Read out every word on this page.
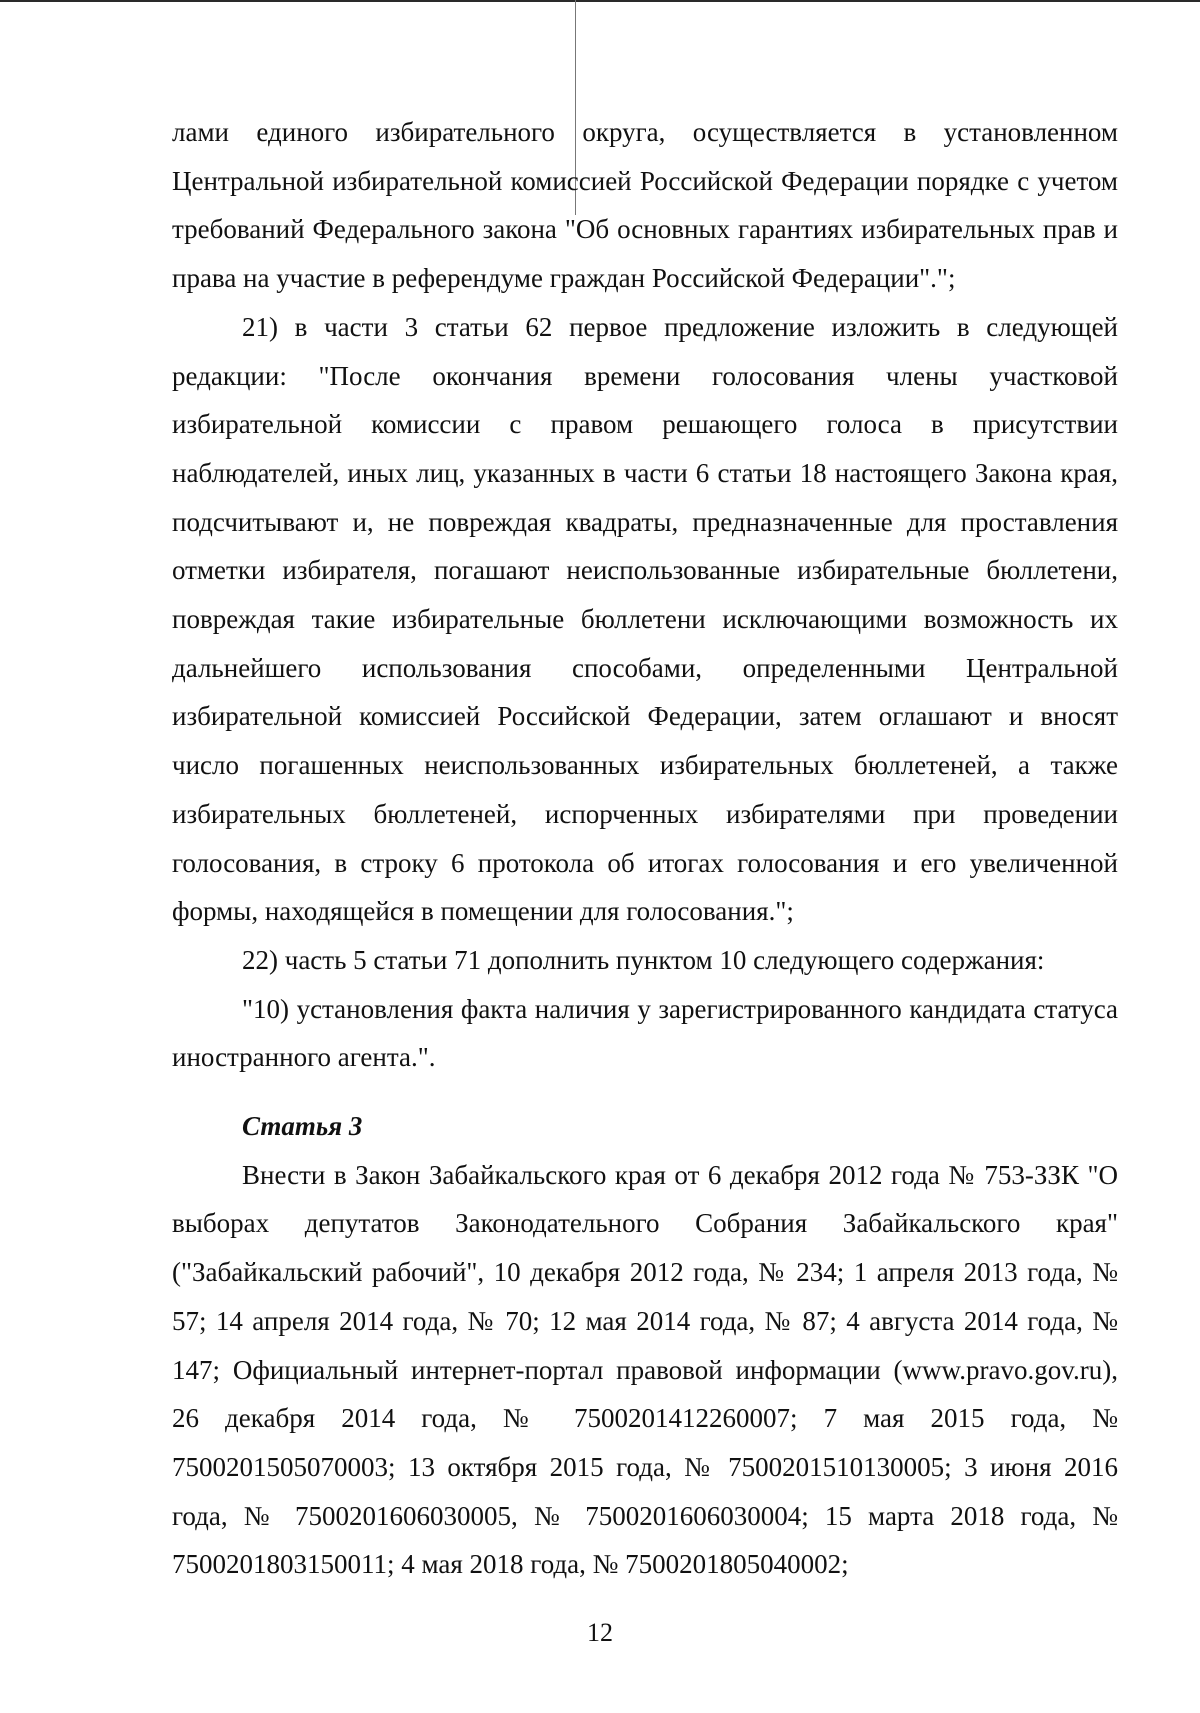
лами единого избирательного округа, осуществляется в установленном Центральной избирательной комиссией Российской Федерации порядке с учетом требований Федерального закона "Об основных гарантиях избирательных прав и права на участие в референдуме граждан Российской Федерации".";

21) в части 3 статьи 62 первое предложение изложить в следующей редакции: "После окончания времени голосования члены участковой избирательной комиссии с правом решающего голоса в присутствии наблюдателей, иных лиц, указанных в части 6 статьи 18 настоящего Закона края, подсчитывают и, не повреждая квадраты, предназначенные для проставления отметки избирателя, погашают неиспользованные избирательные бюллетени, повреждая такие избирательные бюллетени исключающими возможность их дальнейшего использования способами, определенными Центральной избирательной комиссией Российской Федерации, затем оглашают и вносят число погашенных неиспользованных избирательных бюллетеней, а также избирательных бюллетеней, испорченных избирателями при проведении голосования, в строку 6 протокола об итогах голосования и его увеличенной формы, находящейся в помещении для голосования.";

22) часть 5 статьи 71 дополнить пунктом 10 следующего содержания:

"10) установления факта наличия у зарегистрированного кандидата статуса иностранного агента.".

Статья 3

Внести в Закон Забайкальского края от 6 декабря 2012 года № 753-ЗЗК "О выборах депутатов Законодательного Собрания Забайкальского края" ("Забайкальский рабочий", 10 декабря 2012 года, № 234; 1 апреля 2013 года, № 57; 14 апреля 2014 года, № 70; 12 мая 2014 года, № 87; 4 августа 2014 года, № 147; Официальный интернет-портал правовой информации (www.pravo.gov.ru), 26 декабря 2014 года, № 7500201412260007; 7 мая 2015 года, № 7500201505070003; 13 октября 2015 года, № 7500201510130005; 3 июня 2016 года, № 7500201606030005, № 7500201606030004; 15 марта 2018 года, № 7500201803150011; 4 мая 2018 года, № 7500201805040002;

12
